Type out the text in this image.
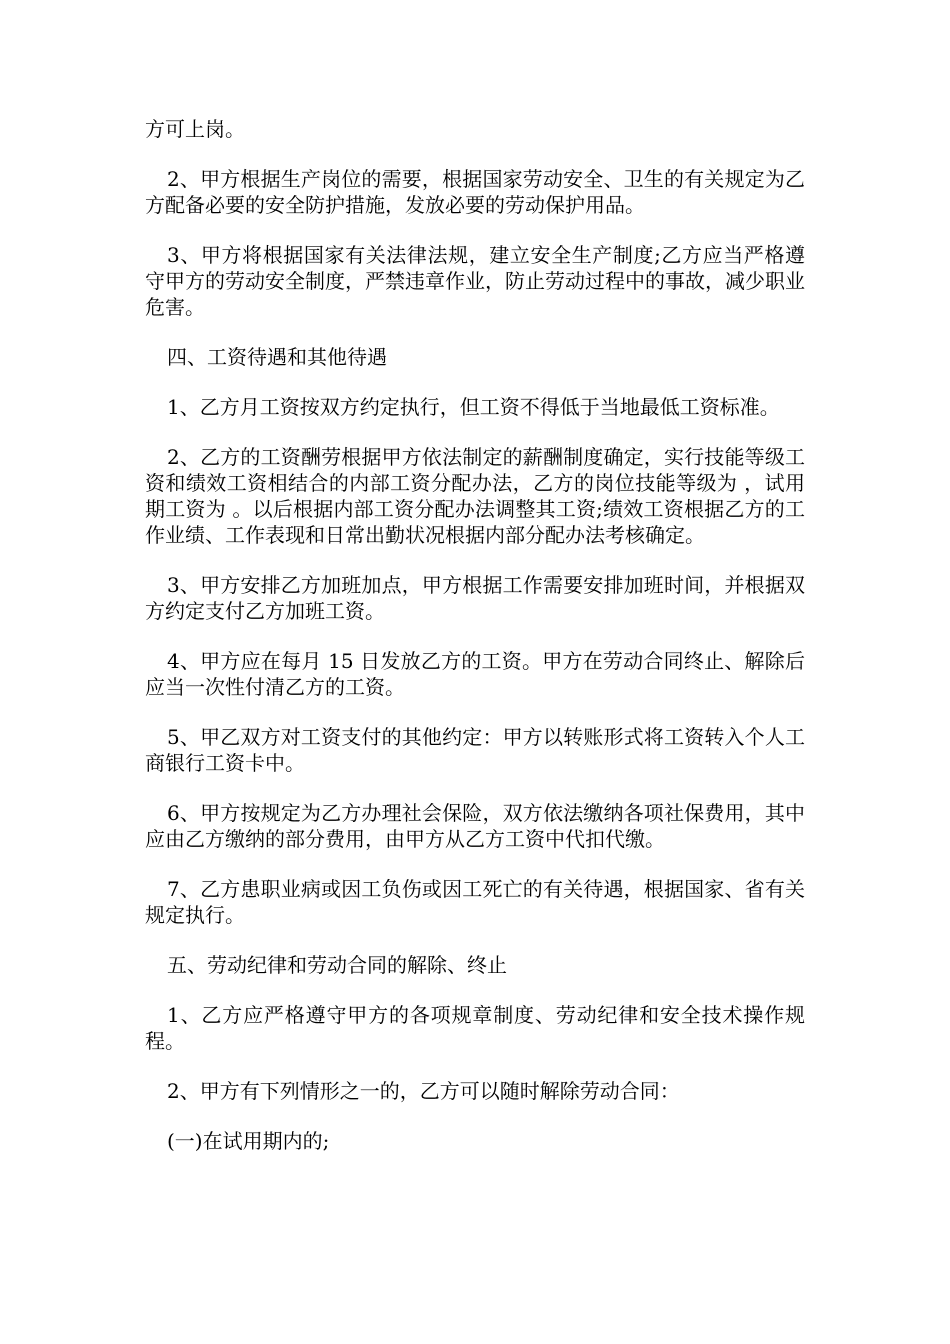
方可上岗。

2、甲方根据生产岗位的需要，根据国家劳动安全、卫生的有关规定为乙方配备必要的安全防护措施，发放必要的劳动保护用品。

3、甲方将根据国家有关法律法规，建立安全生产制度;乙方应当严格遵守甲方的劳动安全制度，严禁违章作业，防止劳动过程中的事故，减少职业危害。

四、工资待遇和其他待遇

1、乙方月工资按双方约定执行，但工资不得低于当地最低工资标准。

2、乙方的工资酬劳根据甲方依法制定的薪酬制度确定，实行技能等级工资和绩效工资相结合的内部工资分配办法，乙方的岗位技能等级为 ，试用期工资为 。以后根据内部工资分配办法调整其工资;绩效工资根据乙方的工作业绩、工作表现和日常出勤状况根据内部分配办法考核确定。

3、甲方安排乙方加班加点，甲方根据工作需要安排加班时间，并根据双方约定支付乙方加班工资。

4、甲方应在每月 15 日发放乙方的工资。甲方在劳动合同终止、解除后应当一次性付清乙方的工资。

5、甲乙双方对工资支付的其他约定：甲方以转账形式将工资转入个人工商银行工资卡中。

6、甲方按规定为乙方办理社会保险，双方依法缴纳各项社保费用，其中应由乙方缴纳的部分费用，由甲方从乙方工资中代扣代缴。

7、乙方患职业病或因工负伤或因工死亡的有关待遇，根据国家、省有关规定执行。

五、劳动纪律和劳动合同的解除、终止

1、乙方应严格遵守甲方的各项规章制度、劳动纪律和安全技术操作规程。

2、甲方有下列情形之一的，乙方可以随时解除劳动合同：

(一)在试用期内的;
